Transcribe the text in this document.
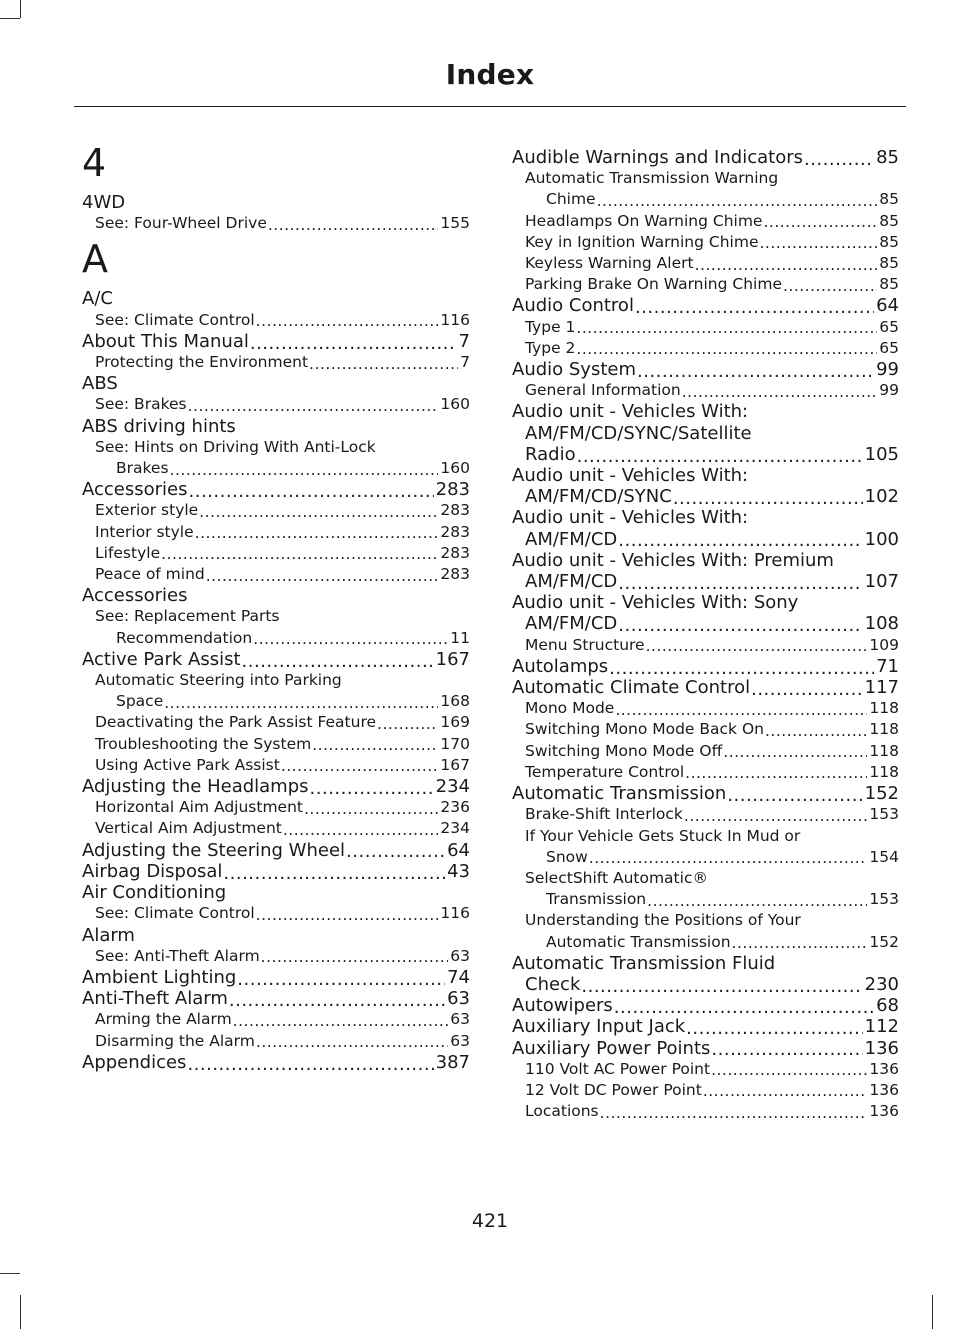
Index
4
4WD
See: Four-Wheel Drive .....	155
A
A/C
See: Climate Control .....	116
About This Manual .....	7
Protecting the Environment .....	7
ABS
See: Brakes .....	160
ABS driving hints
See: Hints on Driving With Anti-Lock
Brakes .....	160
Accessories .....	283
Exterior style .....	283
Interior style .....	283
Lifestyle .....	283
Peace of mind .....	283
Accessories
See: Replacement Parts
Recommendation .....	11
Active Park Assist .....	167
Automatic Steering into Parking
Space .....	168
Deactivating the Park Assist Feature .....	169
Troubleshooting the System .....	170
Using Active Park Assist .....	167
Adjusting the Headlamps .....	234
Horizontal Aim Adjustment .....	236
Vertical Aim Adjustment .....	234
Adjusting the Steering Wheel .....	64
Airbag Disposal .....	43
Air Conditioning
See: Climate Control .....	116
Alarm
See: Anti-Theft Alarm .....	63
Ambient Lighting .....	74
Anti-Theft Alarm .....	63
Arming the Alarm .....	63
Disarming the Alarm .....	63
Appendices .....	387
Audible Warnings and Indicators .....	85
Automatic Transmission Warning
Chime .....	85
Headlamps On Warning Chime .....	85
Key in Ignition Warning Chime .....	85
Keyless Warning Alert .....	85
Parking Brake On Warning Chime .....	85
Audio Control .....	64
Type 1 .....	65
Type 2 .....	65
Audio System .....	99
General Information .....	99
Audio unit - Vehicles With:
AM/FM/CD/SYNC/Satellite
Radio .....	105
Audio unit - Vehicles With:
AM/FM/CD/SYNC .....	102
Audio unit - Vehicles With:
AM/FM/CD .....	100
Audio unit - Vehicles With: Premium
AM/FM/CD .....	107
Audio unit - Vehicles With: Sony
AM/FM/CD .....	108
Menu Structure .....	109
Autolamps .....	71
Automatic Climate Control .....	117
Mono Mode .....	118
Switching Mono Mode Back On .....	118
Switching Mono Mode Off .....	118
Temperature Control .....	118
Automatic Transmission .....	152
Brake-Shift Interlock .....	153
If Your Vehicle Gets Stuck In Mud or
Snow .....	154
SelectShift Automatic®
Transmission .....	153
Understanding the Positions of Your
Automatic Transmission .....	152
Automatic Transmission Fluid
Check .....	230
Autowipers .....	68
Auxiliary Input Jack .....	112
Auxiliary Power Points .....	136
110 Volt AC Power Point .....	136
12 Volt DC Power Point .....	136
Locations .....	136
421
